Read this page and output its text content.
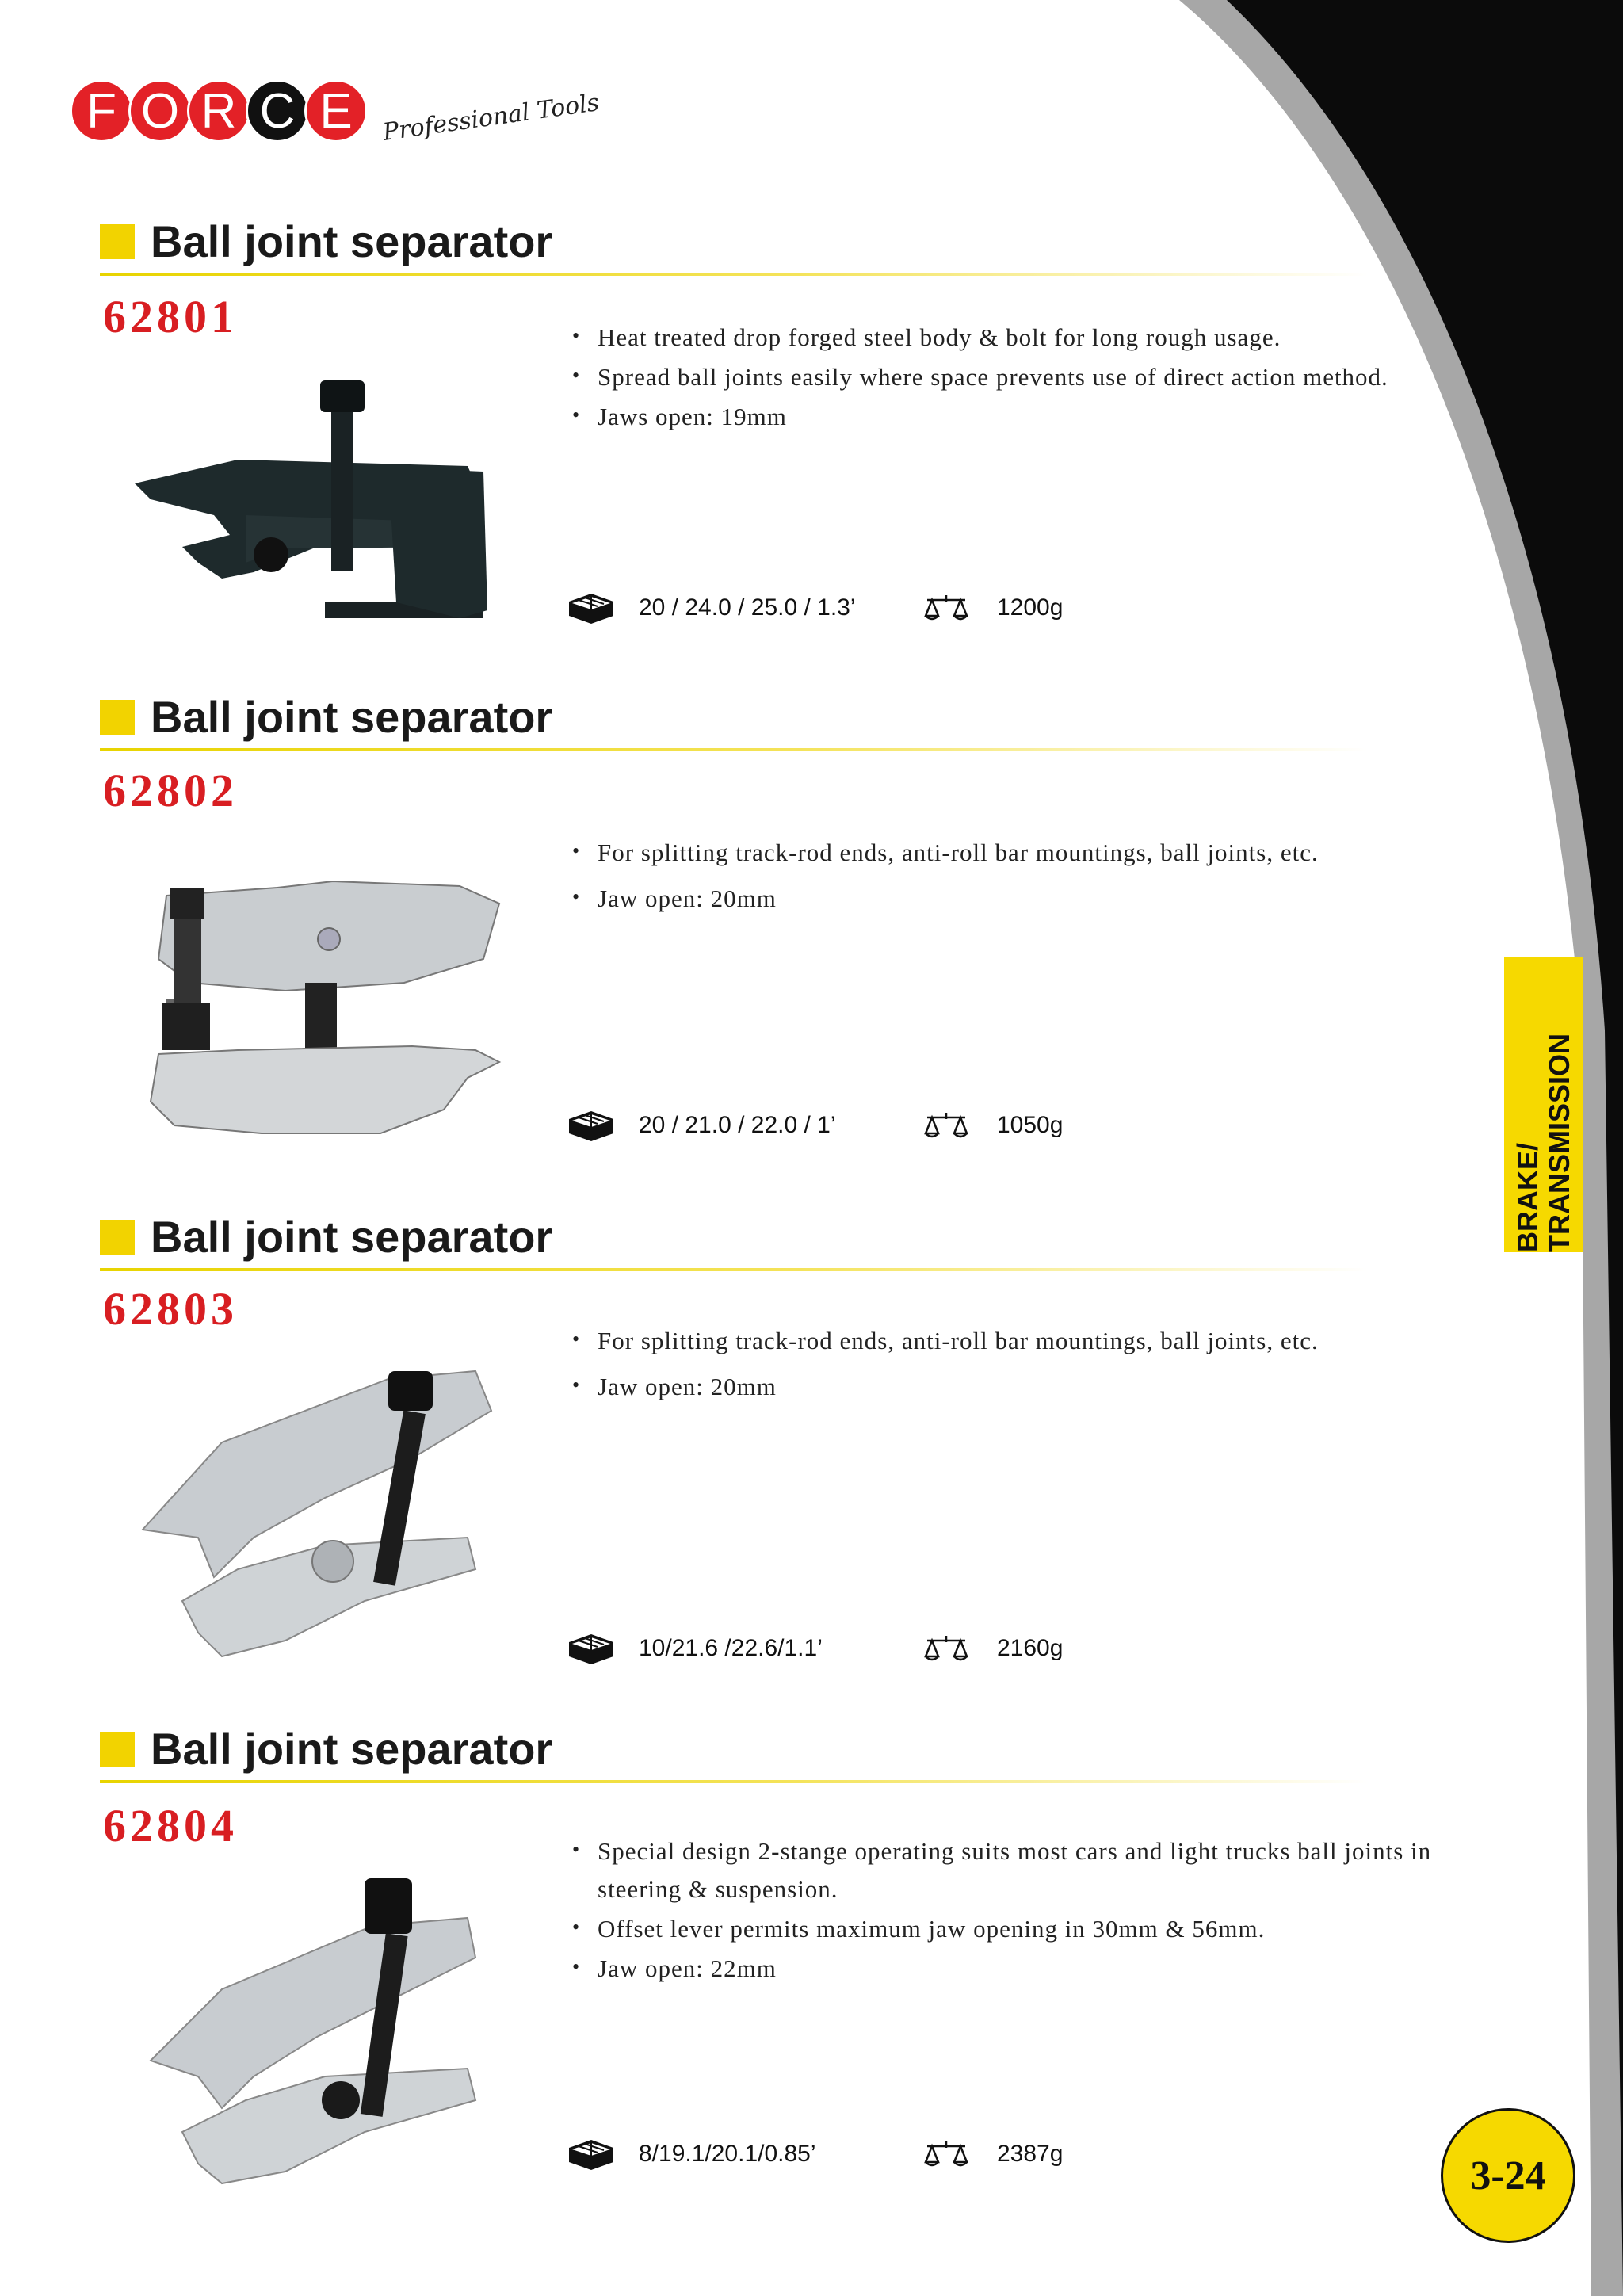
F O R C E	Professional Tools
Ball joint separator
62801	• Heat treated drop forged steel body & bolt for long rough usage.
• Spread ball joints easily where space prevents use of direct action method.
• Jaws open: 19mm
20 / 24.0 / 25.0 / 1.3’	1200g
Ball joint separator
62802
• For splitting track-rod ends, anti-roll bar mountings, ball joints, etc.
• Jaw open: 20mm
20 / 21.0 / 22.0 / 1’	1050g
Ball joint separator
62803
• For splitting track-rod ends, anti-roll bar mountings, ball joints, etc.
• Jaw open: 20mm
10/21.6 /22.6/1.1’	2160g
Ball joint separator
62804	• Special design 2-stange operating suits most cars and light trucks ball joints in steering & suspension.
• Offset lever permits maximum jaw opening in 30mm & 56mm.
• Jaw open: 22mm
8/19.1/20.1/0.85’	2387g
BRAKE/ TRANSMISSION
3-24
